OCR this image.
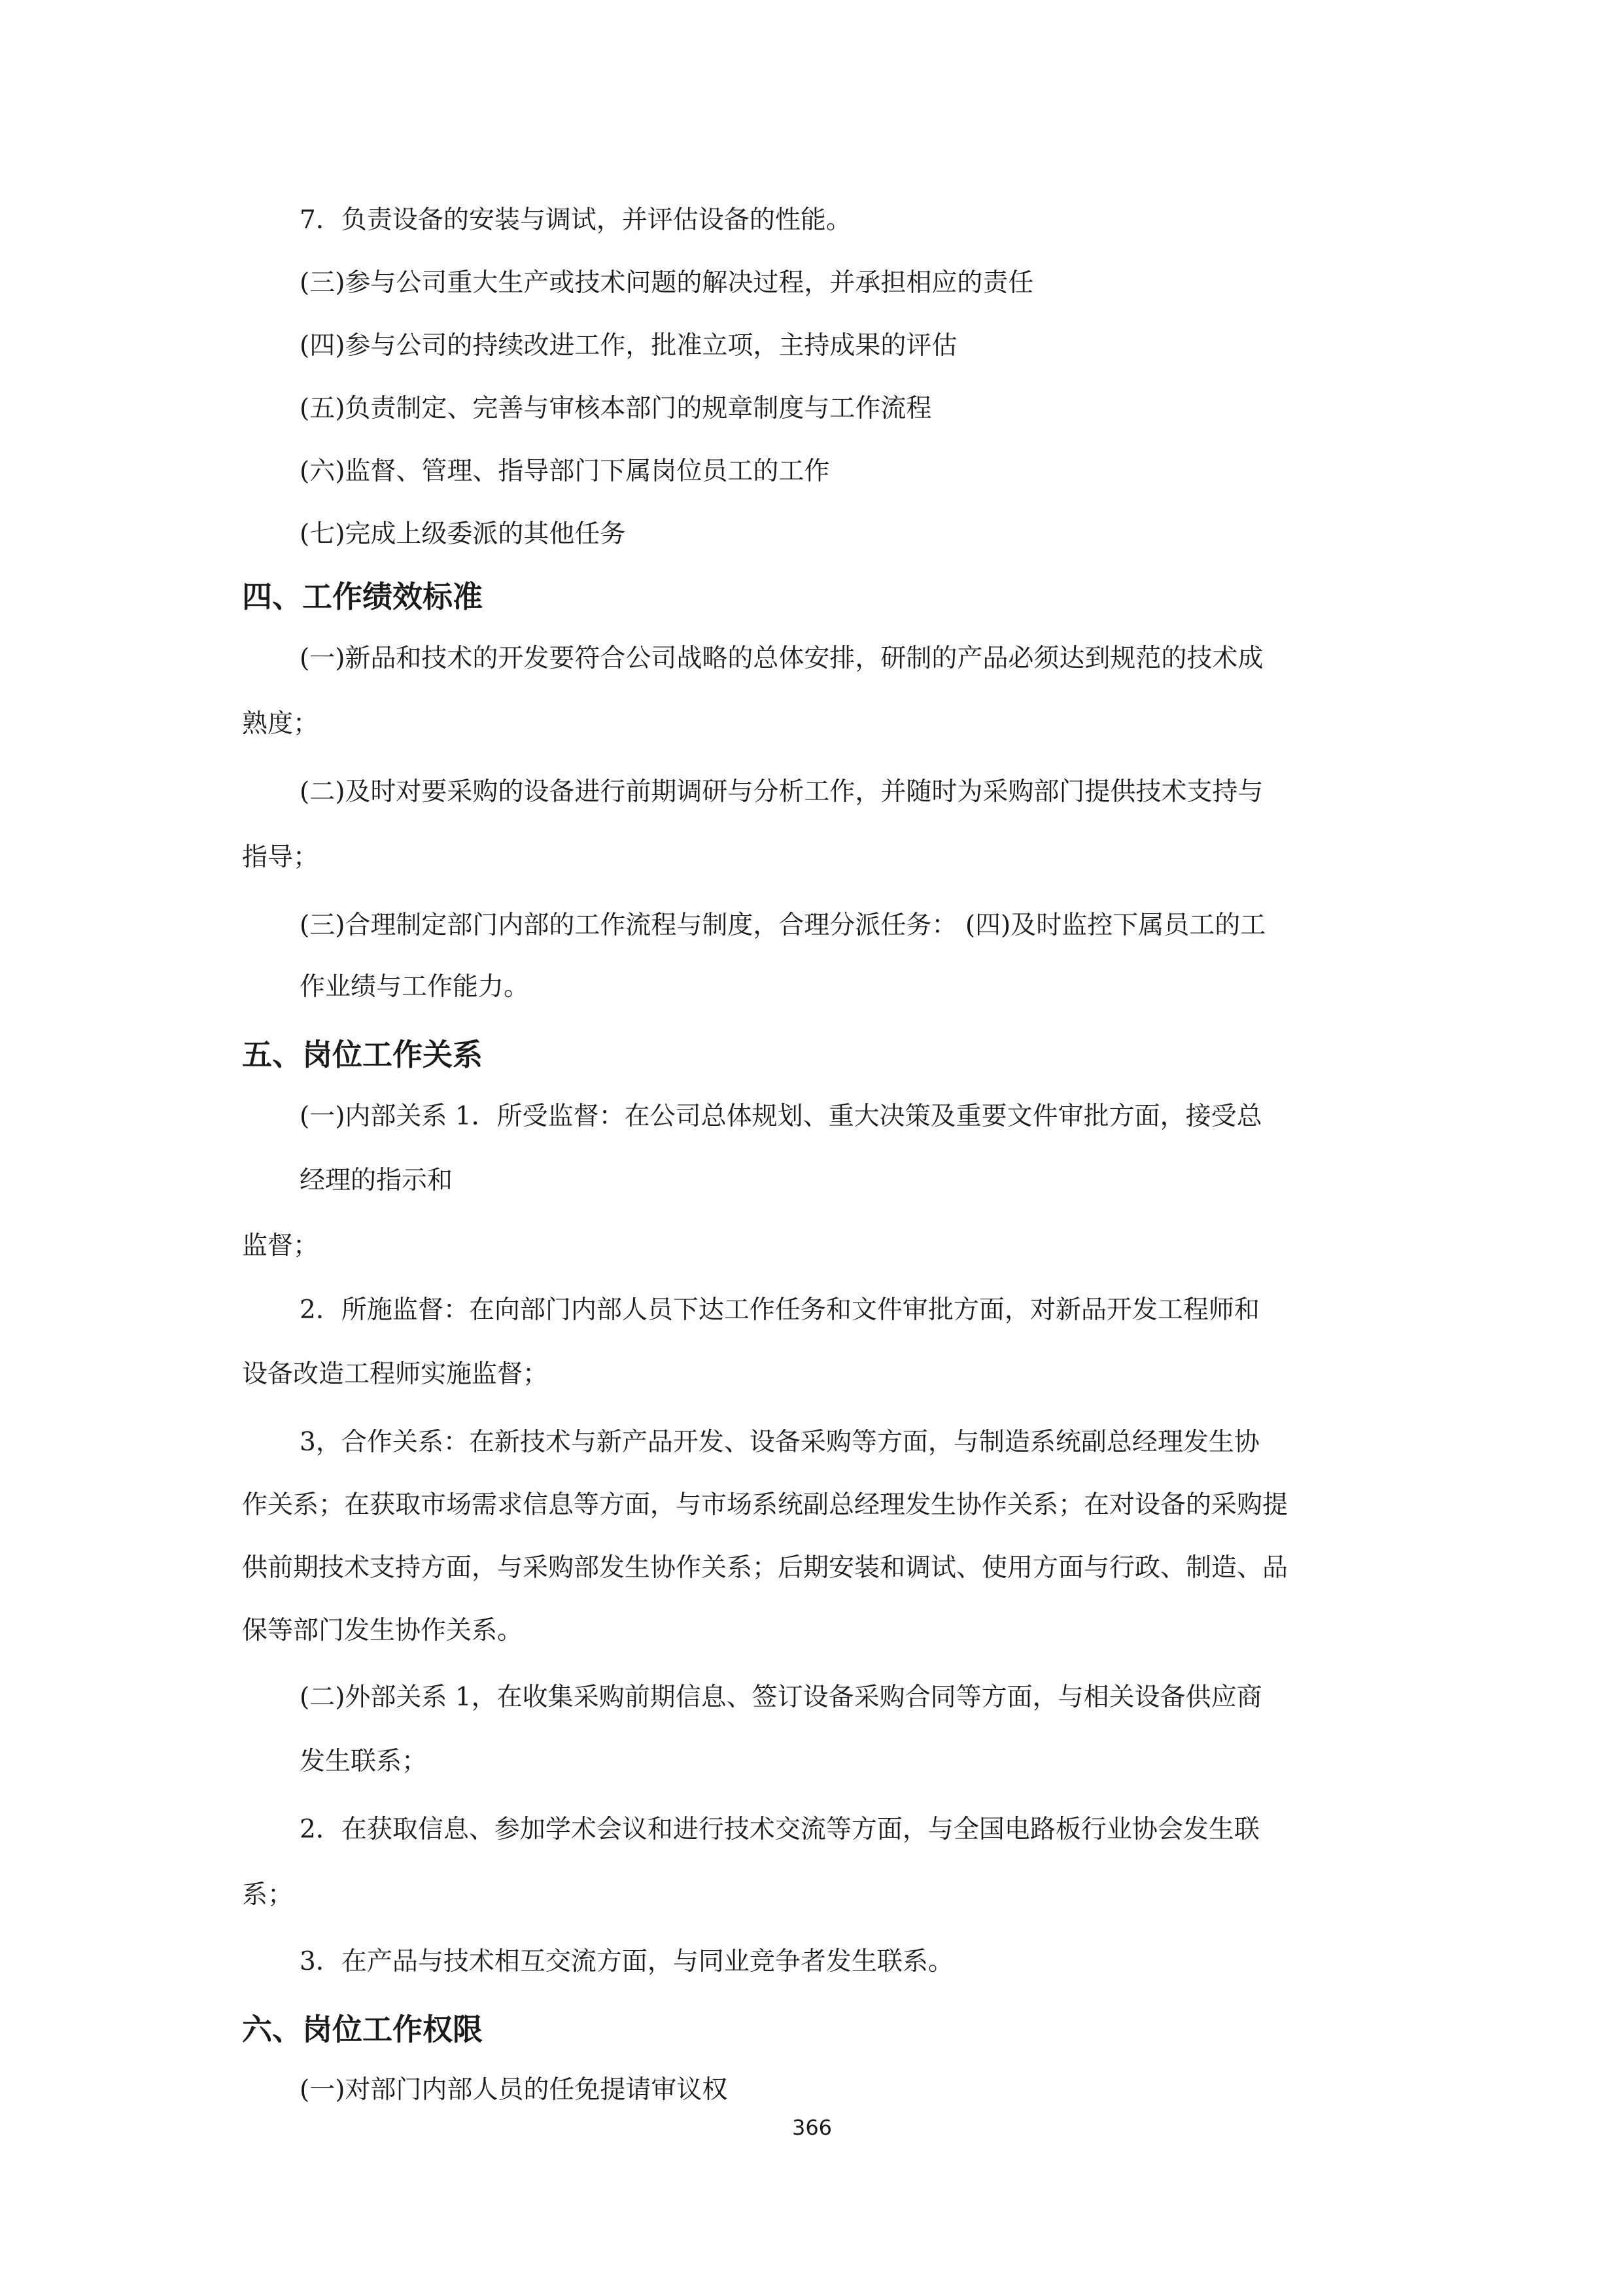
7．负责设备的安装与调试，并评估设备的性能。
(三)参与公司重大生产或技术问题的解决过程，并承担相应的责任
(四)参与公司的持续改进工作，批准立项，主持成果的评估
(五)负责制定、完善与审核本部门的规章制度与工作流程
(六)监督、管理、指导部门下属岗位员工的工作
(七)完成上级委派的其他任务
四、工作绩效标准
(一)新品和技术的开发要符合公司战略的总体安排，研制的产品必须达到规范的技术成
熟度；
(二)及时对要采购的设备进行前期调研与分析工作，并随时为采购部门提供技术支持与
指导；
(三)合理制定部门内部的工作流程与制度，合理分派任务： (四)及时监控下属员工的工
作业绩与工作能力。
五、岗位工作关系
(一)内部关系 1．所受监督：在公司总体规划、重大决策及重要文件审批方面，接受总
经理的指示和
监督；
2．所施监督：在向部门内部人员下达工作任务和文件审批方面，对新品开发工程师和
设备改造工程师实施监督；
3，合作关系：在新技术与新产品开发、设备采购等方面，与制造系统副总经理发生协
作关系；在获取市场需求信息等方面，与市场系统副总经理发生协作关系；在对设备的采购提
供前期技术支持方面，与采购部发生协作关系；后期安装和调试、使用方面与行政、制造、品
保等部门发生协作关系。
(二)外部关系 1，在收集采购前期信息、签订设备采购合同等方面，与相关设备供应商
发生联系；
2．在获取信息、参加学术会议和进行技术交流等方面，与全国电路板行业协会发生联
系；
3．在产品与技术相互交流方面，与同业竞争者发生联系。
六、岗位工作权限
(一)对部门内部人员的任免提请审议权
366
